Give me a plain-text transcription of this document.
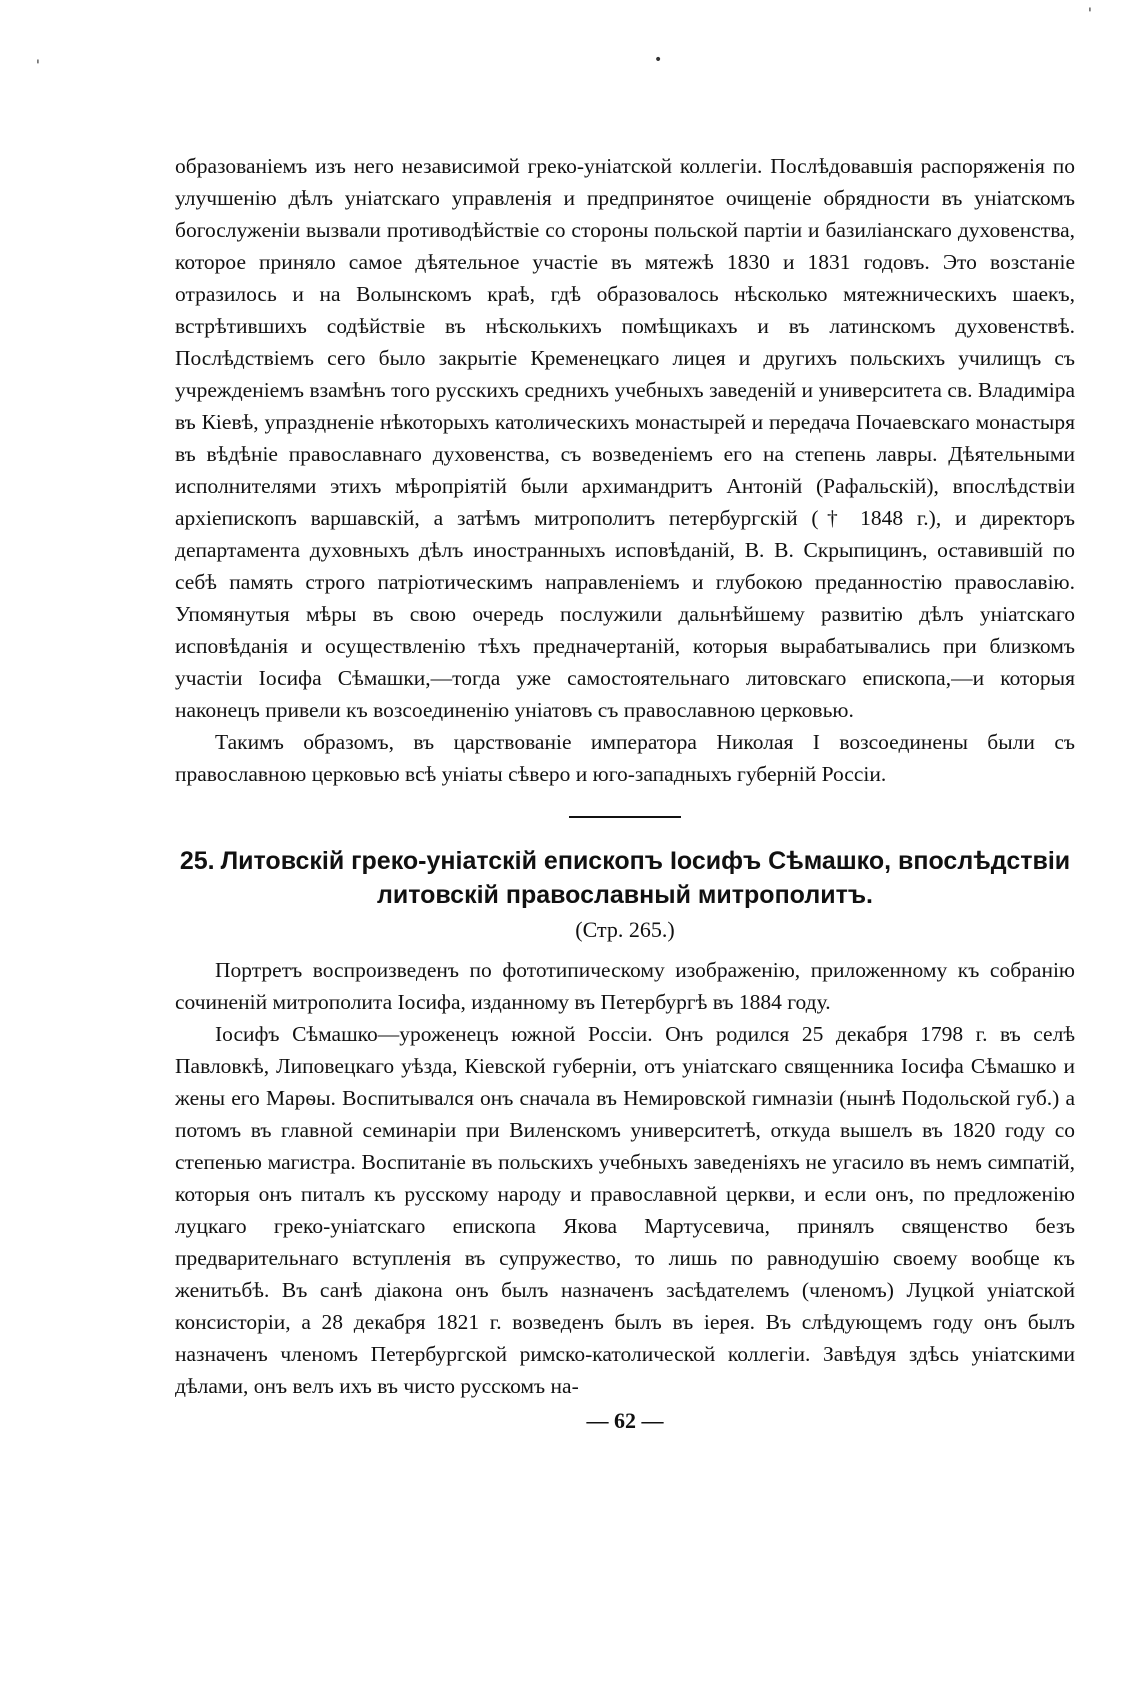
'	•
'

образованіемъ изъ него независимой греко-уніатской коллегіи. Послѣдовавшія распоряженія по улучшенію дѣлъ уніатскаго управленія и предпринятое очищеніе обрядности въ уніатскомъ богослуженіи вызвали противодѣйствіе со стороны польской партіи и базиліанскаго духовенства, которое приняло самое дѣятельное участіе въ мятежѣ 1830 и 1831 годовъ. Это возстаніе отразилось и на Волынскомъ краѣ, гдѣ образовалось нѣсколько мятежническихъ шаекъ, встрѣтившихъ содѣйствіе въ нѣсколькихъ помѣщикахъ и въ латинскомъ духовенствѣ. Послѣдствіемъ сего было закрытіе Кременецкаго лицея и другихъ польскихъ училищъ съ учрежденіемъ взамѣнъ того русскихъ среднихъ учебныхъ заведеній и университета св. Владиміра въ Кіевѣ, упраздненіе нѣкоторыхъ католическихъ монастырей и передача Почаевскаго монастыря въ вѣдѣніе православнаго духовенства, съ возведеніемъ его на степень лавры. Дѣятельными исполнителями этихъ мѣропріятій были архимандритъ Антоній (Рафальскій), впослѣдствіи архіепископъ варшавскій, а затѣмъ митрополитъ петербургскій († 1848 г.), и директоръ департамента духовныхъ дѣлъ иностранныхъ исповѣданій, В. В. Скрыпицинъ, оставившій по себѣ память строго патріотическимъ направленіемъ и глубокою преданностію православію. Упомянутыя мѣры въ свою очередь послужили дальнѣйшему развитію дѣлъ уніатскаго исповѣданія и осуществленію тѣхъ предначертаній, которыя вырабатывались при близкомъ участіи Іосифа Сѣмашки,—тогда уже самостоятельнаго литовскаго епископа,—и которыя наконецъ привели къ возсоединенію уніатовъ съ православною церковью.

Такимъ образомъ, въ царствованіе императора Николая I возсоединены были съ православною церковью всѣ уніаты сѣверо и юго-западныхъ губерній Россіи.

25. Литовскій греко-уніатскій епископъ Іосифъ Сѣмашко, впослѣдствіи литовскій православный митрополитъ.
(Стр. 265.)

Портретъ воспроизведенъ по фототипическому изображенію, приложенному къ собранію сочиненій митрополита Іосифа, изданному въ Петербургѣ въ 1884 году.

Іосифъ Сѣмашко—уроженецъ южной Россіи. Онъ родился 25 декабря 1798 г. въ селѣ Павловкѣ, Липовецкаго уѣзда, Кіевской губерніи, отъ уніатскаго священника Іосифа Сѣмашко и жены его Марѳы. Воспитывался онъ сначала въ Немировской гимназіи (нынѣ Подольской губ.) а потомъ въ главной семинаріи при Виленскомъ университетѣ, откуда вышелъ въ 1820 году со степенью магистра. Воспитаніе въ польскихъ учебныхъ заведеніяхъ не угасило въ немъ симпатій, которыя онъ питалъ къ русскому народу и православной церкви, и если онъ, по предложенію луцкаго греко-уніатскаго епископа Якова Мартусевича, принялъ священство безъ предварительнаго вступленія въ супружество, то лишь по равнодушію своему вообще къ женитьбѣ. Въ санѣ діакона онъ былъ назначенъ засѣдателемъ (членомъ) Луцкой уніатской консисторіи, а 28 декабря 1821 г. возведенъ былъ въ іерея. Въ слѣдующемъ году онъ былъ назначенъ членомъ Петербургской римско-католической коллегіи. Завѣдуя здѣсь уніатскими дѣлами, онъ велъ ихъ въ чисто русскомъ на-

— 62 —
